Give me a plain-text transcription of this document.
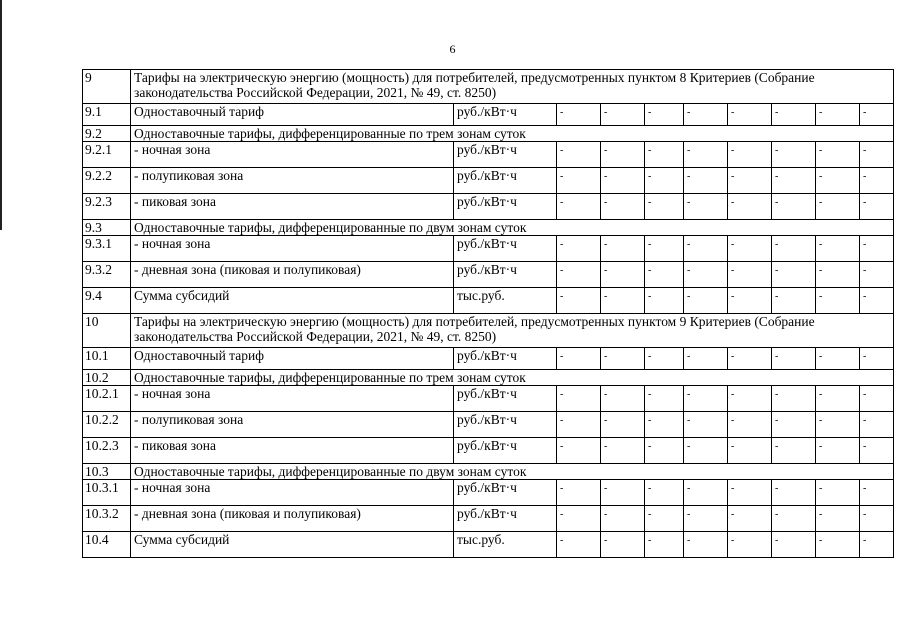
6
9	Тарифы на электрическую энергию (мощность) для потребителей, предусмотренных пунктом 8 Критериев (Собрание законодательства Российской Федерации, 2021, № 49, ст. 8250)									
9.1	Одноставочный тариф	руб./кВт·ч	-	-	-	-	-	-	-	-
9.2	Одноставочные тарифы, дифференцированные по трем зонам суток									
9.2.1	- ночная зона	руб./кВт·ч	-	-	-	-	-	-	-	-
9.2.2	- полупиковая зона	руб./кВт·ч	-	-	-	-	-	-	-	-
9.2.3	- пиковая зона	руб./кВт·ч	-	-	-	-	-	-	-	-
9.3	Одноставочные тарифы, дифференцированные по двум зонам суток									
9.3.1	- ночная зона	руб./кВт·ч	-	-	-	-	-	-	-	-
9.3.2	- дневная зона (пиковая и полупиковая)	руб./кВт·ч	-	-	-	-	-	-	-	-
9.4	Сумма субсидий	тыс.руб.	-	-	-	-	-	-	-	-
10	Тарифы на электрическую энергию (мощность) для потребителей, предусмотренных пунктом 9 Критериев (Собрание законодательства Российской Федерации, 2021, № 49, ст. 8250)									
10.1	Одноставочный тариф	руб./кВт·ч	-	-	-	-	-	-	-	-
10.2	Одноставочные тарифы, дифференцированные по трем зонам суток									
10.2.1	- ночная зона	руб./кВт·ч	-	-	-	-	-	-	-	-
10.2.2	- полупиковая зона	руб./кВт·ч	-	-	-	-	-	-	-	-
10.2.3	- пиковая зона	руб./кВт·ч	-	-	-	-	-	-	-	-
10.3	Одноставочные тарифы, дифференцированные по двум зонам суток									
10.3.1	- ночная зона	руб./кВт·ч	-	-	-	-	-	-	-	-
10.3.2	- дневная зона (пиковая и полупиковая)	руб./кВт·ч	-	-	-	-	-	-	-	-
10.4	Сумма субсидий	тыс.руб.	-	-	-	-	-	-	-	-
